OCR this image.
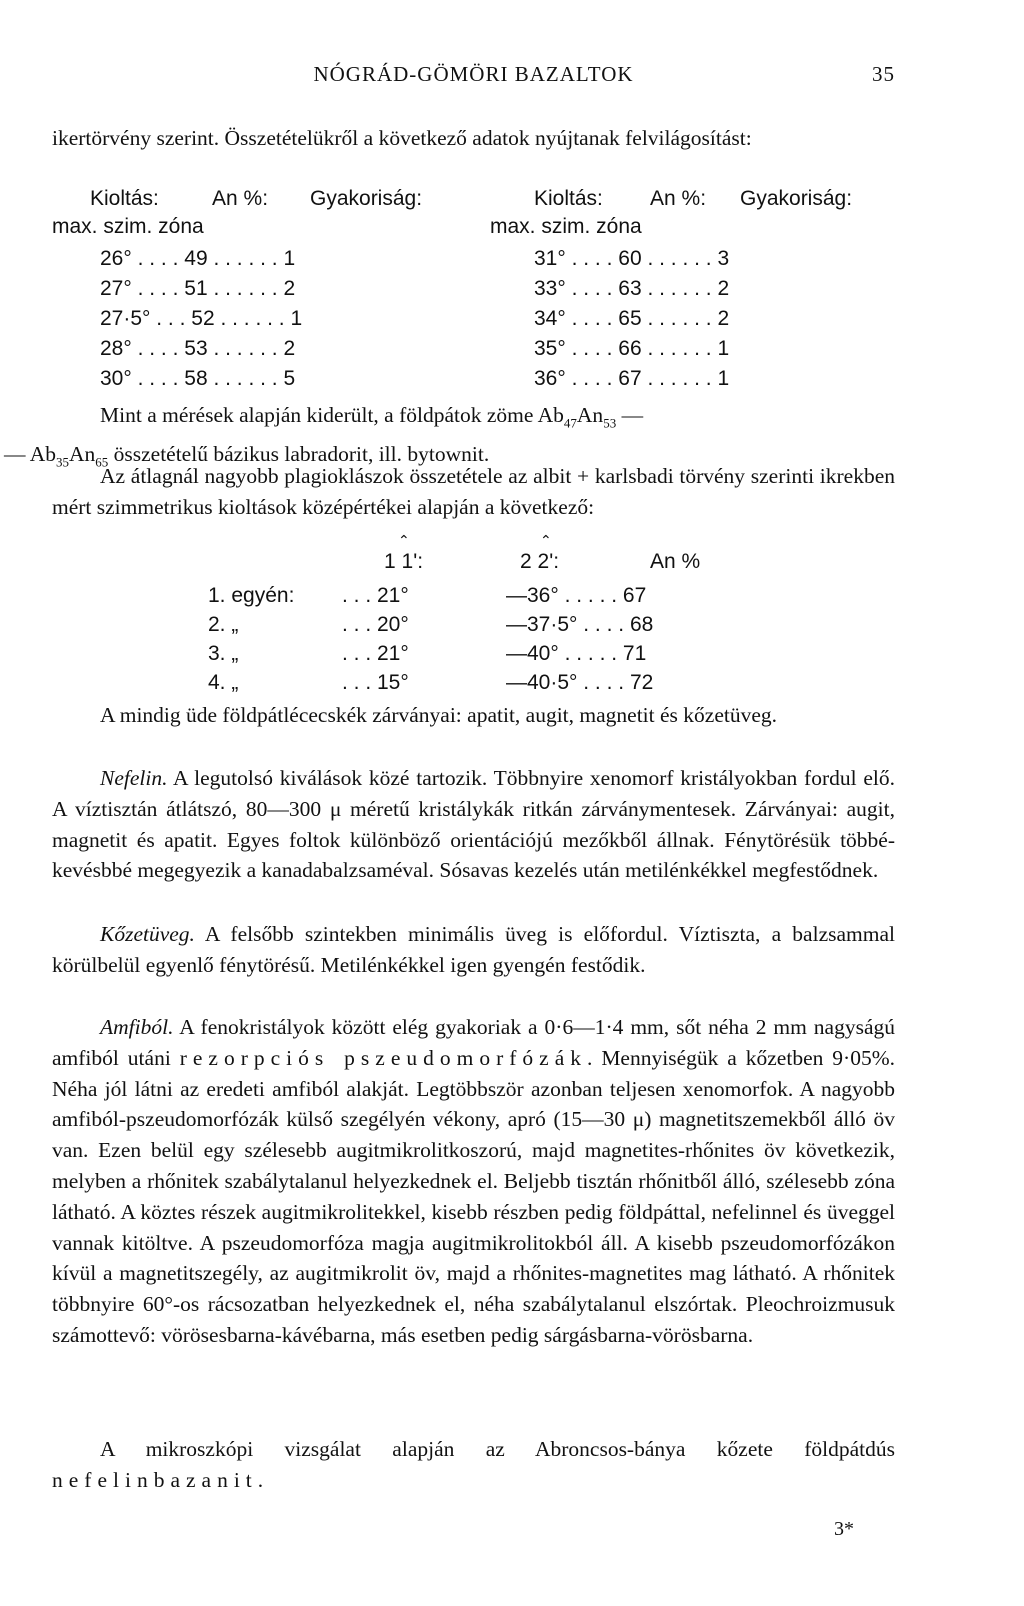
NÓGRÁD-GÖMÖRI BAZALTOK	35
ikertörvény szerint. Összetételükről a következő adatok nyújtanak felvilágosítást:
Kioltás:	An %: Gyakoriság:
max. szim. zóna
Kioltás: An %: Gyakoriság:
max. szim. zóna
26° . . . . 49 . . . . . . 1
27° . . . . 51 . . . . . . 2
27·5° . . . 52 . . . . . . 1
28° . . . . 53 . . . . . . 2
30° . . . . 58 . . . . . . 5
31° . . . . 60 . . . . . . 3
33° . . . . 63 . . . . . . 2
34° . . . . 65 . . . . . . 2
35° . . . . 66 . . . . . . 1
36° . . . . 67 . . . . . . 1
Mint a mérések alapján kiderült, a földpátok zöme $Ab_{47}An_{53}$ —
— $Ab_{35}An_{65}$ összetételű bázikus labradorit, ill. bytownit.
Az átlagnál nagyobb plagioklászok összetétele az albit + karlsbadi törvény szerinti ikrekben mért szimmetrikus kioltások középértékei alapján a következő:
⌃	⌃
1 1':	2 2':	An %
1. egyén: . . . 21°	—36° . . . . . 67
2. „	. . . 20°	—37·5° . . . . 68
3. „	. . . 21°	—40° . . . . . 71
4. „	. . . 15°	—40·5° . . . . 72
A mindig üde földpátlécecskék zárványai: apatit, augit, magnetit és kőzetüveg.
Nefelin. A legutolsó kiválások közé tartozik. Többnyire xenomorf kristályokban fordul elő. A víztisztán átlátszó, 80—300 μ méretű kristálykák ritkán zárványmentesek. Zárványai: augit, magnetit és apatit. Egyes foltok különböző orientációjú mezőkből állnak. Fénytörésük többé-kevésbbé megegyezik a kanadabalzsaméval. Sósavas kezelés után metilénkékkel megfestődnek.
Kőzetüveg. A felsőbb szintekben minimális üveg is előfordul. Víztiszta, a balzsammal körülbelül egyenlő fénytörésű. Metilénkékkel igen gyengén festődik.
Amfiból. A fenokristályok között elég gyakoriak a 0·6—1·4 mm, sőt néha 2 mm nagyságú amfiból utáni rezorpciós pszeudomorfózák. Mennyiségük a kőzetben 9·05%. Néha jól látni az eredeti amfiból alakját. Legtöbbször azonban teljesen xenomorfok. A nagyobb amfiból-pszeudomorfózák külső szegélyén vékony, apró (15—30 μ) magnetitszemekből álló öv van. Ezen belül egy szélesebb augitmikrolitkoszorú, majd magnetites-rhőnites öv következik, melyben a rhőnitek szabálytalanul helyezkednek el. Beljebb tisztán rhőnitből álló, szélesebb zóna látható. A köztes részek augitmikrolitekkel, kisebb részben pedig földpáttal, nefelinnel és üveggel vannak kitöltve. A pszeudomorfóza magja augitmikrolitokból áll. A kisebb pszeudomorfózákon kívül a magnetitszegély, az augitmikrolit öv, majd a rhőnites-magnetites mag látható. A rhőnitek többnyire 60°-os rácsozatban helyezkednek el, néha szabálytalanul elszórtak. Pleochroizmusuk számottevő: vörösesbarna-kávébarna, más esetben pedig sárgásbarna-vörösbarna.
A mikroszkópi vizsgálat alapján az Abroncsos-bánya kőzete földpátdús nefelinbazanit.
3*
